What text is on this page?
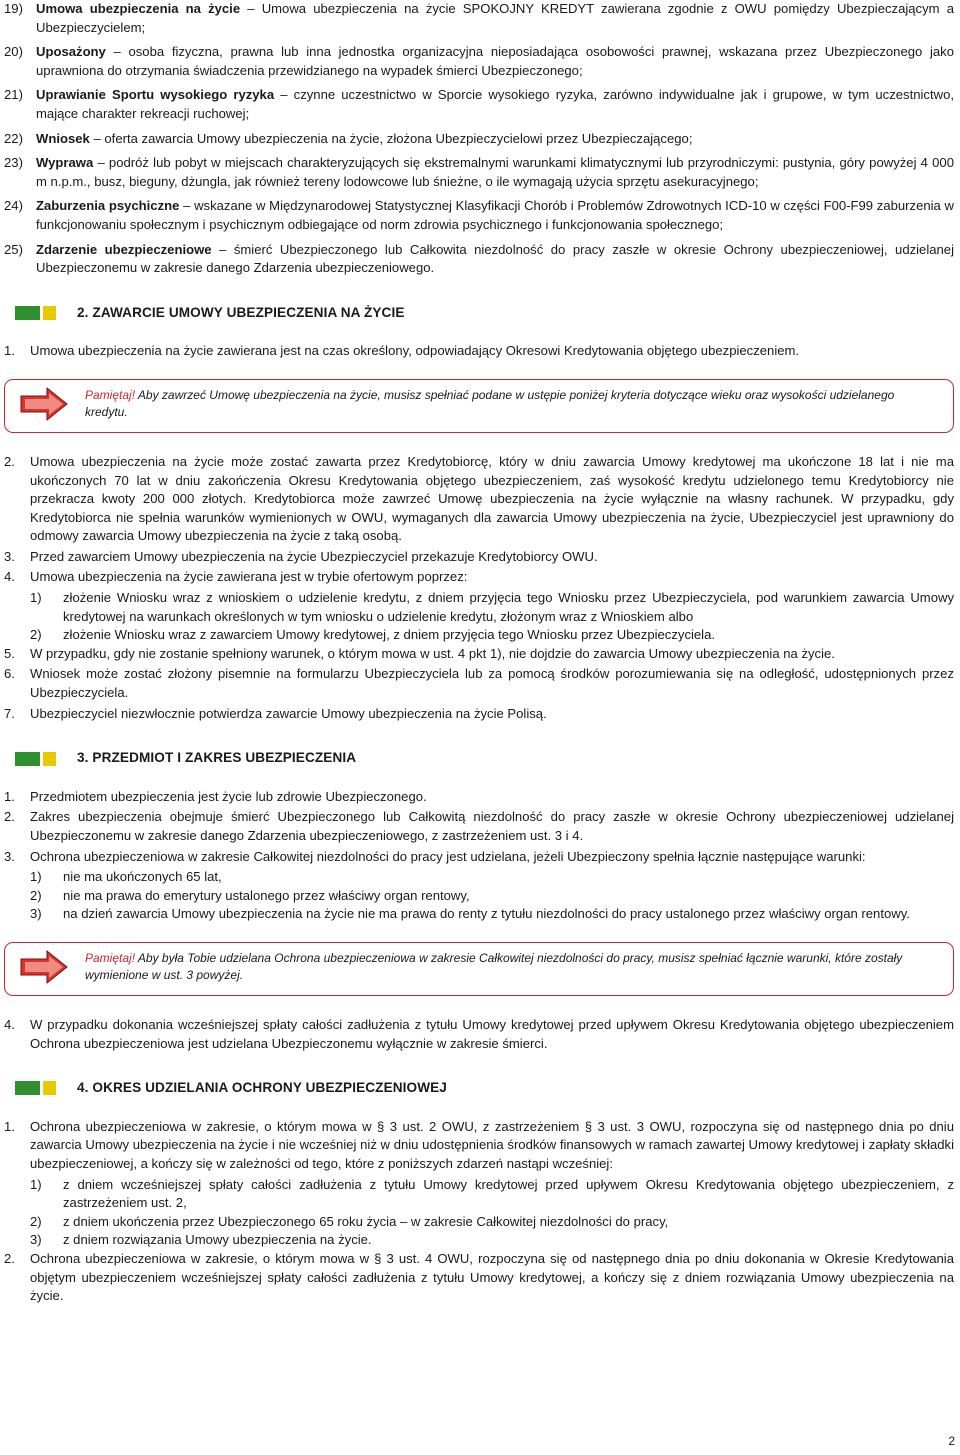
19) Umowa ubezpieczenia na życie – Umowa ubezpieczenia na życie SPOKOJNY KREDYT zawierana zgodnie z OWU pomiędzy Ubezpieczającym a Ubezpieczycielem;
20) Uposażony – osoba fizyczna, prawna lub inna jednostka organizacyjna nieposiadająca osobowości prawnej, wskazana przez Ubezpieczonego jako uprawniona do otrzymania świadczenia przewidzianego na wypadek śmierci Ubezpieczonego;
21) Uprawianie Sportu wysokiego ryzyka – czynne uczestnictwo w Sporcie wysokiego ryzyka, zarówno indywidualne jak i grupowe, w tym uczestnictwo, mające charakter rekreacji ruchowej;
22) Wniosek – oferta zawarcia Umowy ubezpieczenia na życie, złożona Ubezpieczycielowi przez Ubezpieczającego;
23) Wyprawa – podróż lub pobyt w miejscach charakteryzujących się ekstremalnymi warunkami klimatycznymi lub przyrodniczymi: pustynia, góry powyżej 4 000 m n.p.m., busz, bieguny, dżungla, jak również tereny lodowcowe lub śnieżne, o ile wymagają użycia sprzętu asekuracyjnego;
24) Zaburzenia psychiczne – wskazane w Międzynarodowej Statystycznej Klasyfikacji Chorób i Problemów Zdrowotnych ICD-10 w części F00-F99 zaburzenia w funkcjonowaniu społecznym i psychicznym odbiegające od norm zdrowia psychicznego i funkcjonowania społecznego;
25) Zdarzenie ubezpieczeniowe – śmierć Ubezpieczonego lub Całkowita niezdolność do pracy zaszłe w okresie Ochrony ubezpieczeniowej, udzielanej Ubezpieczonemu w zakresie danego Zdarzenia ubezpieczeniowego.
2. ZAWARCIE UMOWY UBEZPIECZENIA NA ŻYCIE
1.	Umowa ubezpieczenia na życie zawierana jest na czas określony, odpowiadający Okresowi Kredytowania objętego ubezpieczeniem.
Pamiętaj! Aby zawrzeć Umowę ubezpieczenia na życie, musisz spełniać podane w ustępie poniżej kryteria dotyczące wieku oraz wysokości udzielanego kredytu.
2.	Umowa ubezpieczenia na życie może zostać zawarta przez Kredytobiorcę, który w dniu zawarcia Umowy kredytowej ma ukończone 18 lat i nie ma ukończonych 70 lat w dniu zakończenia Okresu Kredytowania objętego ubezpieczeniem, zaś wysokość kredytu udzielonego temu Kredytobiorcy nie przekracza kwoty 200 000 złotych. Kredytobiorca może zawrzeć Umowę ubezpieczenia na życie wyłącznie na własny rachunek. W przypadku, gdy Kredytobiorca nie spełnia warunków wymienionych w OWU, wymaganych dla zawarcia Umowy ubezpieczenia na życie, Ubezpieczyciel jest uprawniony do odmowy zawarcia Umowy ubezpieczenia na życie z taką osobą.
3.	Przed zawarciem Umowy ubezpieczenia na życie Ubezpieczyciel przekazuje Kredytobiorcy OWU.
4.	Umowa ubezpieczenia na życie zawierana jest w trybie ofertowym poprzez:
1)	złożenie Wniosku wraz z wnioskiem o udzielenie kredytu, z dniem przyjęcia tego Wniosku przez Ubezpieczyciela, pod warunkiem zawarcia Umowy kredytowej na warunkach określonych w tym wniosku o udzielenie kredytu, złożonym wraz z Wnioskiem albo
2)	złożenie Wniosku wraz z zawarciem Umowy kredytowej, z dniem przyjęcia tego Wniosku przez Ubezpieczyciela.
5.	W przypadku, gdy nie zostanie spełniony warunek, o którym mowa w ust. 4 pkt 1), nie dojdzie do zawarcia Umowy ubezpieczenia na życie.
6.	Wniosek może zostać złożony pisemnie na formularzu Ubezpieczyciela lub za pomocą środków porozumiewania się na odległość, udostępnionych przez Ubezpieczyciela.
7.	Ubezpieczyciel niezwłocznie potwierdza zawarcie Umowy ubezpieczenia na życie Polisą.
3. PRZEDMIOT I ZAKRES UBEZPIECZENIA
1.	Przedmiotem ubezpieczenia jest życie lub zdrowie Ubezpieczonego.
2.	Zakres ubezpieczenia obejmuje śmierć Ubezpieczonego lub Całkowitą niezdolność do pracy zaszłe w okresie Ochrony ubezpieczeniowej udzielanej Ubezpieczonemu w zakresie danego Zdarzenia ubezpieczeniowego, z zastrzeżeniem ust. 3 i 4.
3.	Ochrona ubezpieczeniowa w zakresie Całkowitej niezdolności do pracy jest udzielana, jeżeli Ubezpieczony spełnia łącznie następujące warunki:
1)	nie ma ukończonych 65 lat,
2)	nie ma prawa do emerytury ustalonego przez właściwy organ rentowy,
3)	na dzień zawarcia Umowy ubezpieczenia na życie nie ma prawa do renty z tytułu niezdolności do pracy ustalonego przez właściwy organ rentowy.
Pamiętaj! Aby była Tobie udzielana Ochrona ubezpieczeniowa w zakresie Całkowitej niezdolności do pracy, musisz spełniać łącznie warunki, które zostały wymienione w ust. 3 powyżej.
4.	W przypadku dokonania wcześniejszej spłaty całości zadłużenia z tytułu Umowy kredytowej przed upływem Okresu Kredytowania objętego ubezpieczeniem Ochrona ubezpieczeniowa jest udzielana Ubezpieczonemu wyłącznie w zakresie śmierci.
4. OKRES UDZIELANIA OCHRONY UBEZPIECZENIOWEJ
1.	Ochrona ubezpieczeniowa w zakresie, o którym mowa w § 3 ust. 2 OWU, z zastrzeżeniem § 3 ust. 3 OWU, rozpoczyna się od następnego dnia po dniu zawarcia Umowy ubezpieczenia na życie i nie wcześniej niż w dniu udostępnienia środków finansowych w ramach zawartej Umowy kredytowej i zapłaty składki ubezpieczeniowej, a kończy się w zależności od tego, które z poniższych zdarzeń nastąpi wcześniej:
1)	z dniem wcześniejszej spłaty całości zadłużenia z tytułu Umowy kredytowej przed upływem Okresu Kredytowania objętego ubezpieczeniem, z zastrzeżeniem ust. 2,
2)	z dniem ukończenia przez Ubezpieczonego 65 roku życia – w zakresie Całkowitej niezdolności do pracy,
3)	z dniem rozwiązania Umowy ubezpieczenia na życie.
2.	Ochrona ubezpieczeniowa w zakresie, o którym mowa w § 3 ust. 4 OWU, rozpoczyna się od następnego dnia po dniu dokonania w Okresie Kredytowania objętym ubezpieczeniem wcześniejszej spłaty całości zadłużenia z tytułu Umowy kredytowej, a kończy się z dniem rozwiązania Umowy ubezpieczenia na życie.
2
